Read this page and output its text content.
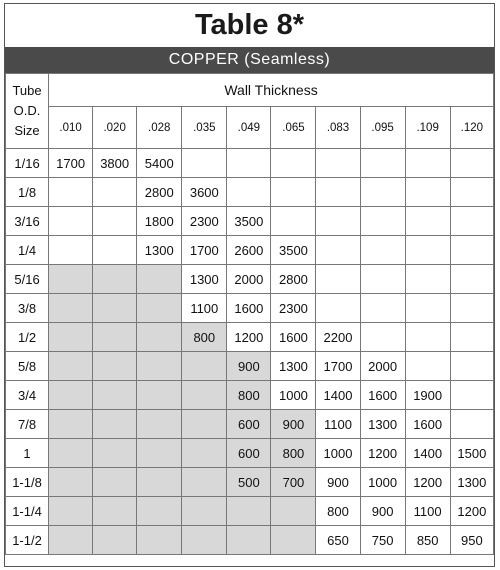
Table 8*
COPPER (Seamless)
Tube
O.D.
Size	Wall Thickness									
	.010	.020	.028	.035	.049	.065	.083	.095	.109	.120
1/16	1700	3800	5400							
1/8			2800	3600						
3/16			1800	2300	3500					
1/4			1300	1700	2600	3500				
5/16				1300	2000	2800				
3/8				1100	1600	2300				
1/2				800	1200	1600	2200			
5/8					900	1300	1700	2000		
3/4					800	1000	1400	1600	1900	
7/8					600	900	1100	1300	1600	
1					600	800	1000	1200	1400	1500
1-1/8					500	700	900	1000	1200	1300
1-1/4							800	900	1100	1200
1-1/2							650	750	850	950
